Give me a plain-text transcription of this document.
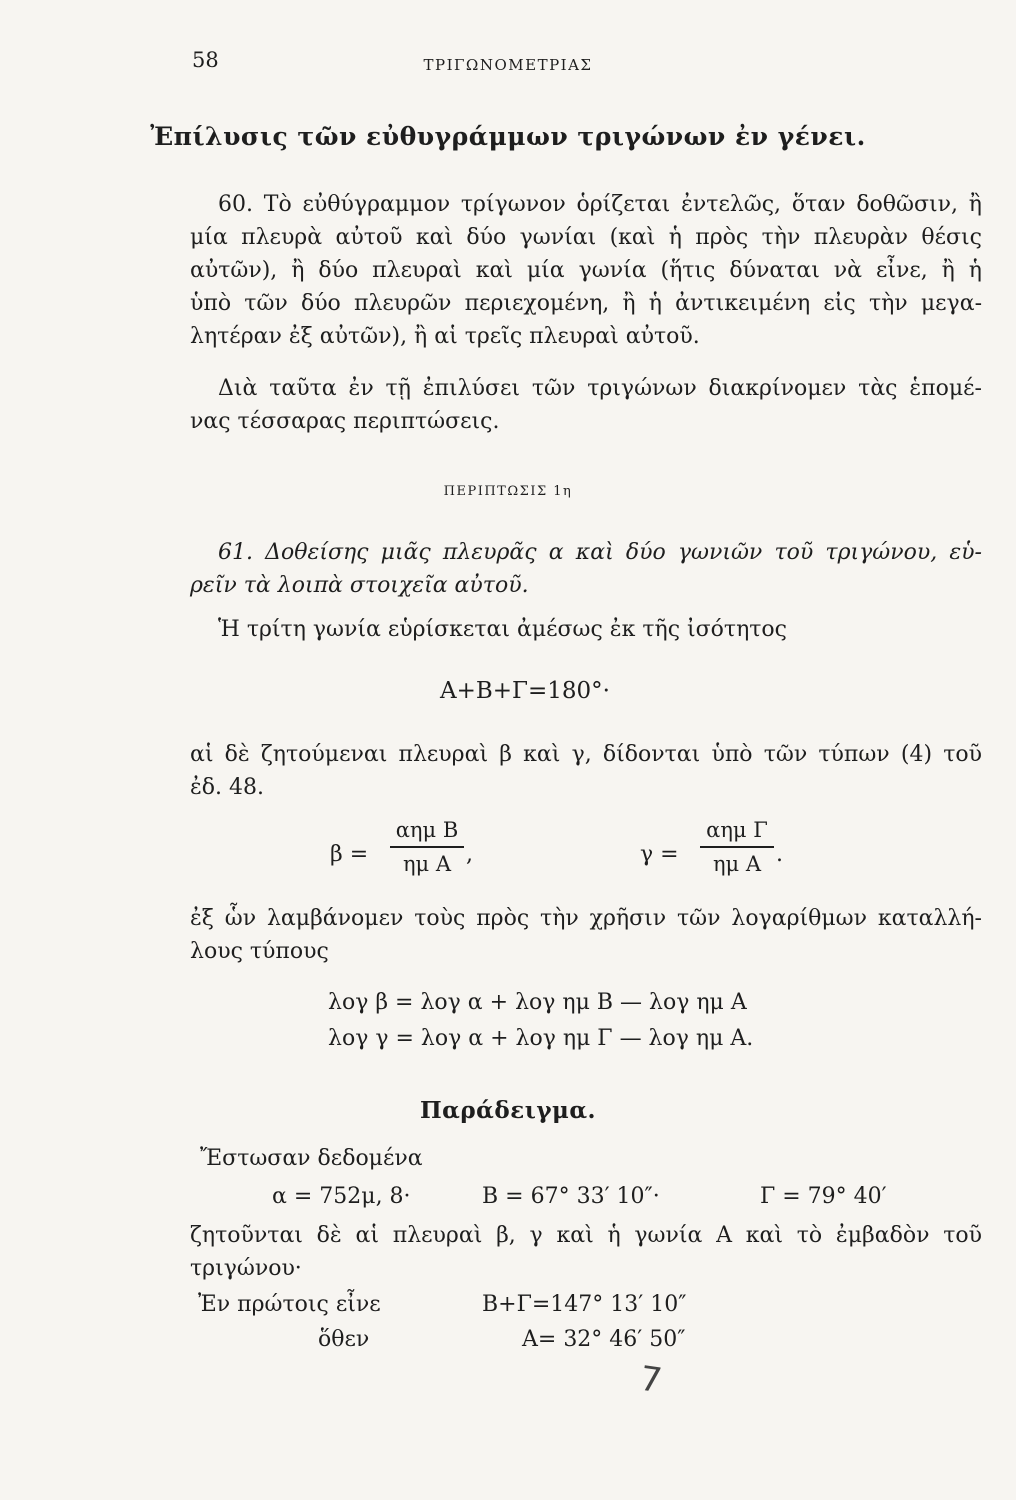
58	ΤΡΙΓΩΝΟΜΕΤΡΙΑΣ
Ἐπίλυσις τῶν εὐθυγράμμων τριγώνων ἐν γένει.
60. Τὸ εὐθύγραμμον τρίγωνον ὁρίζεται ἐντελῶς, ὅταν δοθῶσιν, ἢ
μία πλευρὰ αὐτοῦ καὶ δύο γωνίαι (καὶ ἡ πρὸς τὴν πλευρὰν θέσις
αὐτῶν), ἢ δύο πλευραὶ καὶ μία γωνία (ἥτις δύναται νὰ εἶνε, ἢ ἡ
ὑπὸ τῶν δύο πλευρῶν περιεχομένη, ἢ ἡ ἀντικειμένη εἰς τὴν μεγα-
λητέραν ἐξ αὐτῶν), ἢ αἱ τρεῖς πλευραὶ αὐτοῦ.
Διὰ ταῦτα ἐν τῇ ἐπιλύσει τῶν τριγώνων διακρίνομεν τὰς ἑπομέ-
νας τέσσαρας περιπτώσεις.
ΠΕΡΙΠΤΩΣΙΣ 1η
61. Δοθείσης μιᾶς πλευρᾶς α καὶ δύο γωνιῶν τοῦ τριγώνου, εὑ-
ρεῖν τὰ λοιπὰ στοιχεῖα αὐτοῦ.
Ἡ τρίτη γωνία εὑρίσκεται ἀμέσως ἐκ τῆς ἰσότητος
Α+Β+Γ=180°·
αἱ δὲ ζητούμεναι πλευραὶ β καὶ γ, δίδονται ὑπὸ τῶν τύπων (4) τοῦ
ἐδ. 48.
β =
αημ Β
ημ Α ,	γ =
αημ Γ
ημ Α .
ἐξ ὧν λαμβάνομεν τοὺς πρὸς τὴν χρῆσιν τῶν λογαρίθμων καταλλή-
λους τύπους
λογ β = λογ α + λογ ημ Β — λογ ημ Α
λογ γ = λογ α + λογ ημ Γ — λογ ημ Α.
Παράδειγμα.
Ἔστωσαν δεδομένα
α = 752μ, 8·	Β = 67° 33′ 10″·	Γ = 79° 40′
ζητοῦνται δὲ αἱ πλευραὶ β, γ καὶ ἡ γωνία Α καὶ τὸ ἐμβαδὸν τοῦ
τριγώνου·
Ἐν πρώτοις εἶνε	Β+Γ=147° 13′ 10″
ὅθεν	Α= 32° 46′ 50″
7
